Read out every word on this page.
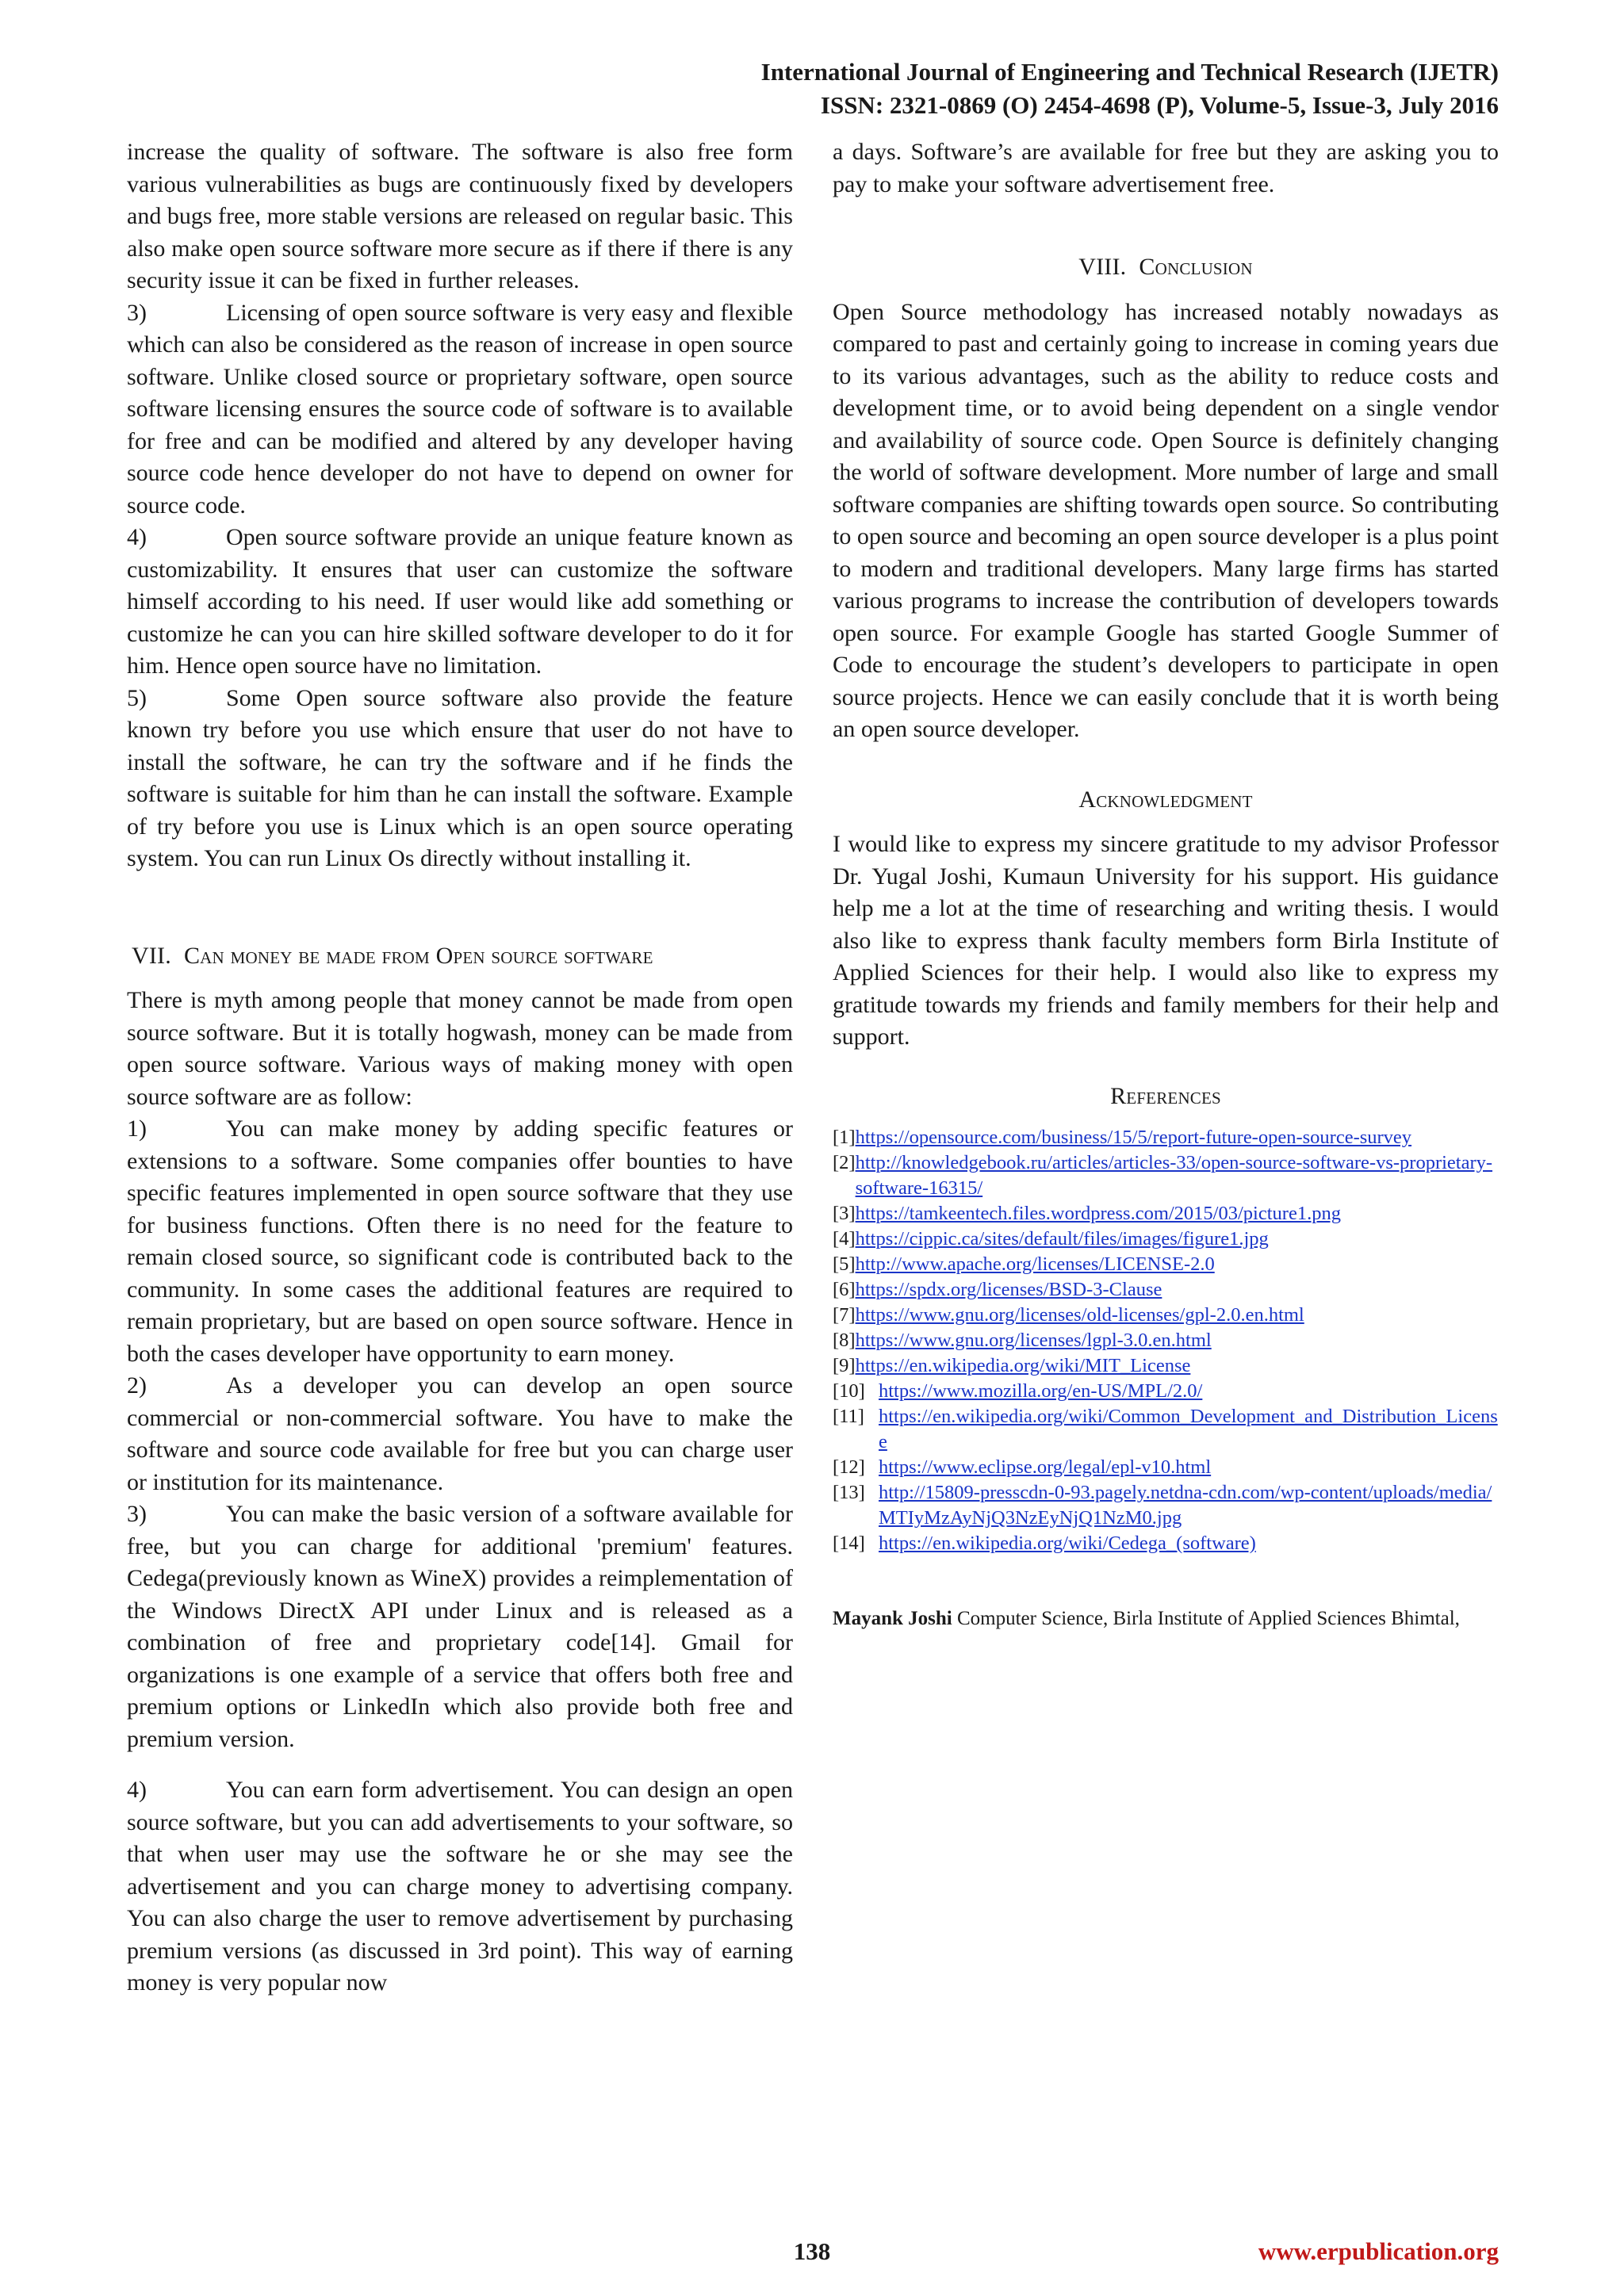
International Journal of Engineering and Technical Research (IJETR)
ISSN: 2321-0869 (O) 2454-4698 (P), Volume-5, Issue-3, July 2016

increase the quality of software. The software is also free form various vulnerabilities as bugs are continuously fixed by developers and bugs free, more stable versions are released on regular basic. This also make open source software more secure as if there if there is any security issue it can be fixed in further releases.

3)	Licensing of open source software is very easy and flexible which can also be considered as the reason of increase in open source software. Unlike closed source or proprietary software, open source software licensing ensures the source code of software is to available for free and can be modified and altered by any developer having source code hence developer do not have to depend on owner for source code.

4)	Open source software provide an unique feature known as customizability. It ensures that user can customize the software himself according to his need. If user would like add something or customize he can you can hire skilled software developer to do it for him. Hence open source have no limitation.

5)	Some Open source software also provide the feature known try before you use which ensure that user do not have to install the software, he can try the software and if he finds the software is suitable for him than he can install the software. Example of try before you use is Linux which is an open source operating system. You can run Linux Os directly without installing it.

VII. Can money be made from Open source software

There is myth among people that money cannot be made from open source software. But it is totally hogwash, money can be made from open source software. Various ways of making money with open source software are as follow:

1)	You can make money by adding specific features or extensions to a software. Some companies offer bounties to have specific features implemented in open source software that they use for business functions. Often there is no need for the feature to remain closed source, so significant code is contributed back to the community. In some cases the additional features are required to remain proprietary, but are based on open source software. Hence in both the cases developer have opportunity to earn money.

2)	As a developer you can develop an open source commercial or non-commercial software. You have to make the software and source code available for free but you can charge user or institution for its maintenance.

3)	You can make the basic version of a software available for free, but you can charge for additional 'premium' features. Cedega(previously known as WineX) provides a reimplementation of the Windows DirectX API under Linux and is released as a combination of free and proprietary code[14]. Gmail for organizations is one example of a service that offers both free and premium options or LinkedIn which also provide both free and premium version.

4)	You can earn form advertisement. You can design an open source software, but you can add advertisements to your software, so that when user may use the software he or she may see the advertisement and you can charge money to advertising company. You can also charge the user to remove advertisement by purchasing premium versions (as discussed in 3rd point). This way of earning money is very popular now

a days. Software’s are available for free but they are asking you to pay to make your software advertisement free.

VIII. Conclusion

Open Source methodology has increased notably nowadays as compared to past and certainly going to increase in coming years due to its various advantages, such as the ability to reduce costs and development time, or to avoid being dependent on a single vendor and availability of source code. Open Source is definitely changing the world of software development. More number of large and small software companies are shifting towards open source. So contributing to open source and becoming an open source developer is a plus point to modern and traditional developers. Many large firms has started various programs to increase the contribution of developers towards open source. For example Google has started Google Summer of Code to encourage the student’s developers to participate in open source projects. Hence we can easily conclude that it is worth being an open source developer.

Acknowledgment

I would like to express my sincere gratitude to my advisor Professor Dr. Yugal Joshi, Kumaun University for his support. His guidance help me a lot at the time of researching and writing thesis. I would also like to express thank faculty members form Birla Institute of Applied Sciences for their help. I would also like to express my gratitude towards my friends and family members for their help and support.

References
[1] https://opensource.com/business/15/5/report-future-open-source-survey
[2] http://knowledgebook.ru/articles/articles-33/open-source-software-vs-proprietary-software-16315/
[3] https://tamkeentech.files.wordpress.com/2015/03/picture1.png
[4] https://cippic.ca/sites/default/files/images/figure1.jpg
[5] http://www.apache.org/licenses/LICENSE-2.0
[6] https://spdx.org/licenses/BSD-3-Clause
[7] https://www.gnu.org/licenses/old-licenses/gpl-2.0.en.html
[8] https://www.gnu.org/licenses/lgpl-3.0.en.html
[9] https://en.wikipedia.org/wiki/MIT_License
[10] https://www.mozilla.org/en-US/MPL/2.0/
[11] https://en.wikipedia.org/wiki/Common_Development_and_Distribution_License
[12] https://www.eclipse.org/legal/epl-v10.html
[13] http://15809-presscdn-0-93.pagely.netdna-cdn.com/wp-content/uploads/media/MTIyMzAyNjQ3NzEyNjQ1NzM0.jpg
[14] https://en.wikipedia.org/wiki/Cedega_(software)
Mayank Joshi Computer Science, Birla Institute of Applied Sciences Bhimtal,
138	www.erpublication.org
